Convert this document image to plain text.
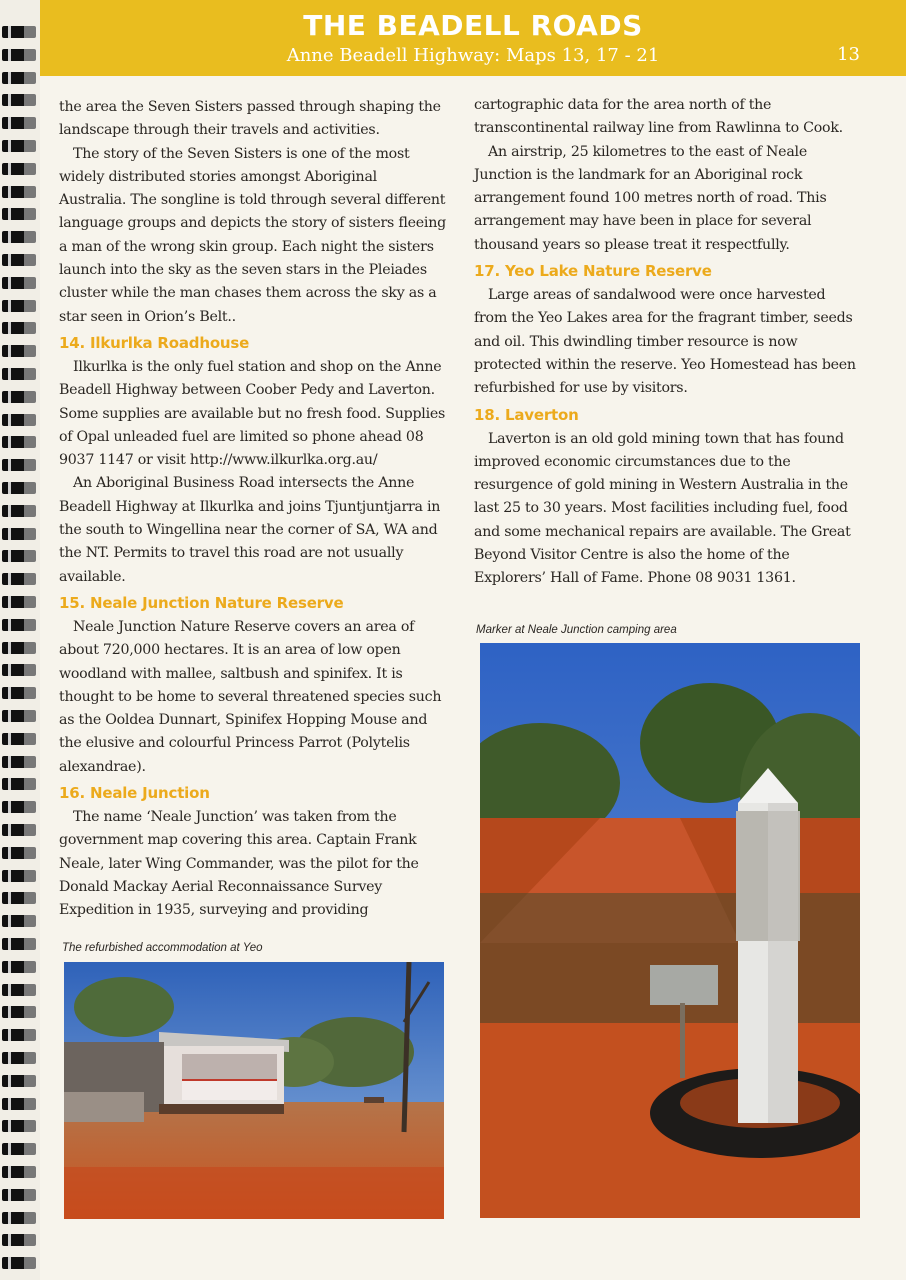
THE BEADELL ROADS
Anne Beadell Highway: Maps 13, 17 - 21	13

the area the Seven Sisters passed through shaping the landscape through their travels and activities.

The story of the Seven Sisters is one of the most widely distributed stories amongst Aboriginal Australia. The songline is told through several different language groups and depicts the story of sisters fleeing a man of the wrong skin group. Each night the sisters launch into the sky as the seven stars in the Pleiades cluster while the man chases them across the sky as a star seen in Orion’s Belt..

14. Ilkurlka Roadhouse

Ilkurlka is the only fuel station and shop on the Anne Beadell Highway between Coober Pedy and Laverton. Some supplies are available but no fresh food. Supplies of Opal unleaded fuel are limited so phone ahead 08 9037 1147 or visit http://www.ilkurlka.org.au/

An Aboriginal Business Road intersects the Anne Beadell Highway at Ilkurlka and joins Tjuntjuntjarra in the south to Wingellina near the corner of SA, WA and the NT. Permits to travel this road are not usually available.

15. Neale Junction Nature Reserve

Neale Junction Nature Reserve covers an area of about 720,000 hectares. It is an area of low open woodland with mallee, saltbush and spinifex. It is thought to be home to several threatened species such as the Ooldea Dunnart, Spinifex Hopping Mouse and the elusive and colourful Princess Parrot (Polytelis alexandrae).

16. Neale Junction

The name ‘Neale Junction’ was taken from the government map covering this area. Captain Frank Neale, later Wing Commander, was the pilot for the Donald Mackay Aerial Reconnaissance Survey Expedition in 1935, surveying and providing

The refurbished accommodation at Yeo

cartographic data for the area north of the transcontinental railway line from Rawlinna to Cook.

An airstrip, 25 kilometres to the east of Neale Junction is the landmark for an Aboriginal rock arrangement found 100 metres north of road. This arrangement may have been in place for several thousand years so please treat it respectfully.

17. Yeo Lake Nature Reserve

Large areas of sandalwood were once harvested from the Yeo Lakes area for the fragrant timber, seeds and oil. This dwindling timber resource is now protected within the reserve. Yeo Homestead has been refurbished for use by visitors.

18. Laverton

Laverton is an old gold mining town that has found improved economic circumstances due to the resurgence of gold mining in Western Australia in the last 25 to 30 years. Most facilities including fuel, food and some mechanical repairs are available. The Great Beyond Visitor Centre is also the home of the Explorers’ Hall of Fame. Phone 08 9031 1361.

Marker at Neale Junction camping area
